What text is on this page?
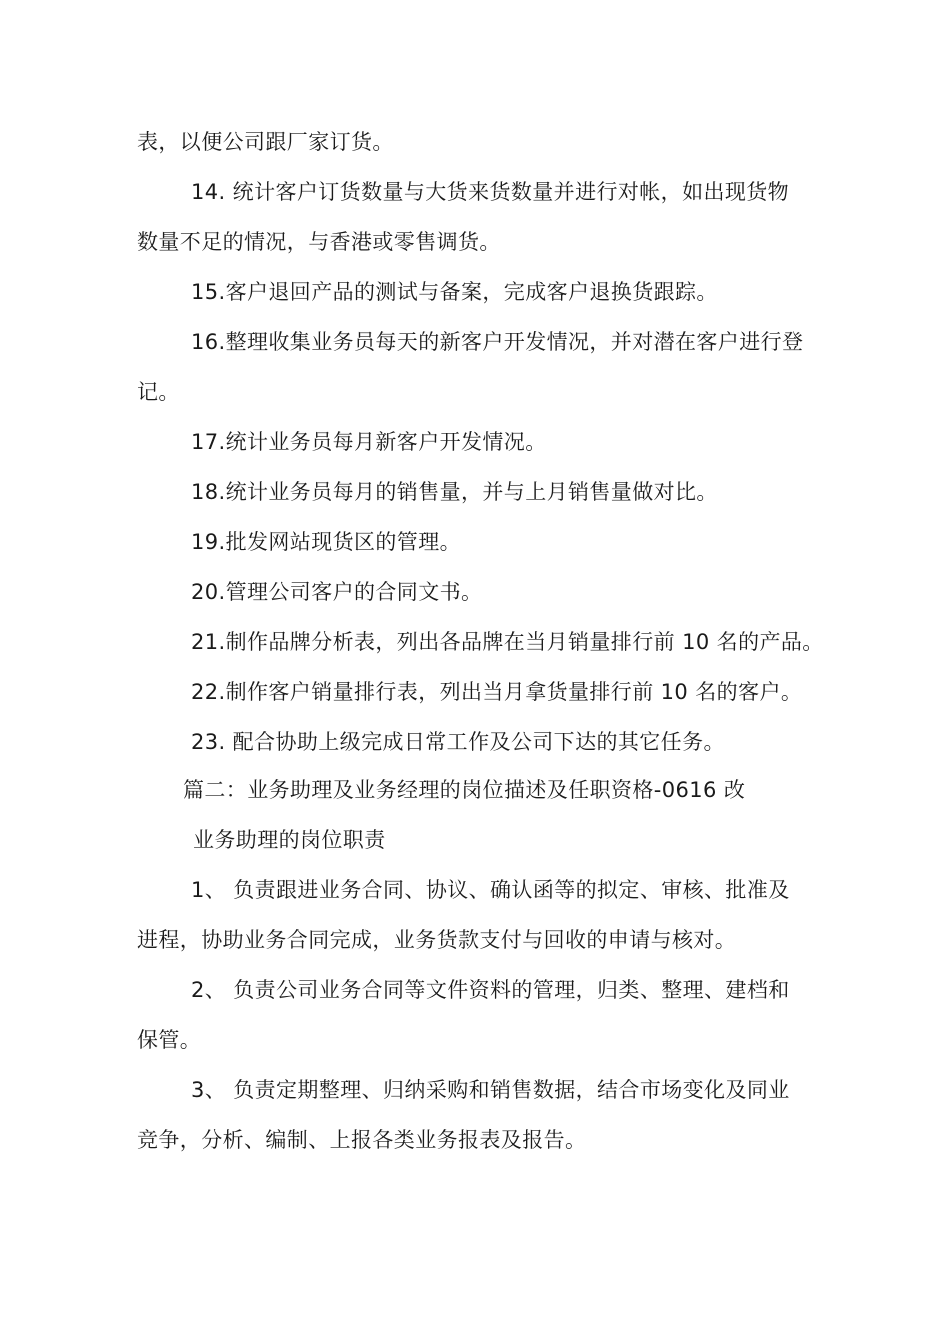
表，以便公司跟厂家订货。
14. 统计客户订货数量与大货来货数量并进行对帐，如出现货物
数量不足的情况，与香港或零售调货。
15.客户退回产品的测试与备案，完成客户退换货跟踪。
16.整理收集业务员每天的新客户开发情况，并对潜在客户进行登
记。
17.统计业务员每月新客户开发情况。
18.统计业务员每月的销售量，并与上月销售量做对比。
19.批发网站现货区的管理。
20.管理公司客户的合同文书。
21.制作品牌分析表，列出各品牌在当月销量排行前 10 名的产品。
22.制作客户销量排行表，列出当月拿货量排行前 10 名的客户。
23. 配合协助上级完成日常工作及公司下达的其它任务。
篇二：业务助理及业务经理的岗位描述及任职资格-0616 改
业务助理的岗位职责
1、 负责跟进业务合同、协议、确认函等的拟定、审核、批准及
进程，协助业务合同完成，业务货款支付与回收的申请与核对。
2、 负责公司业务合同等文件资料的管理，归类、整理、建档和
保管。
3、 负责定期整理、归纳采购和销售数据，结合市场变化及同业
竞争，分析、编制、上报各类业务报表及报告。
